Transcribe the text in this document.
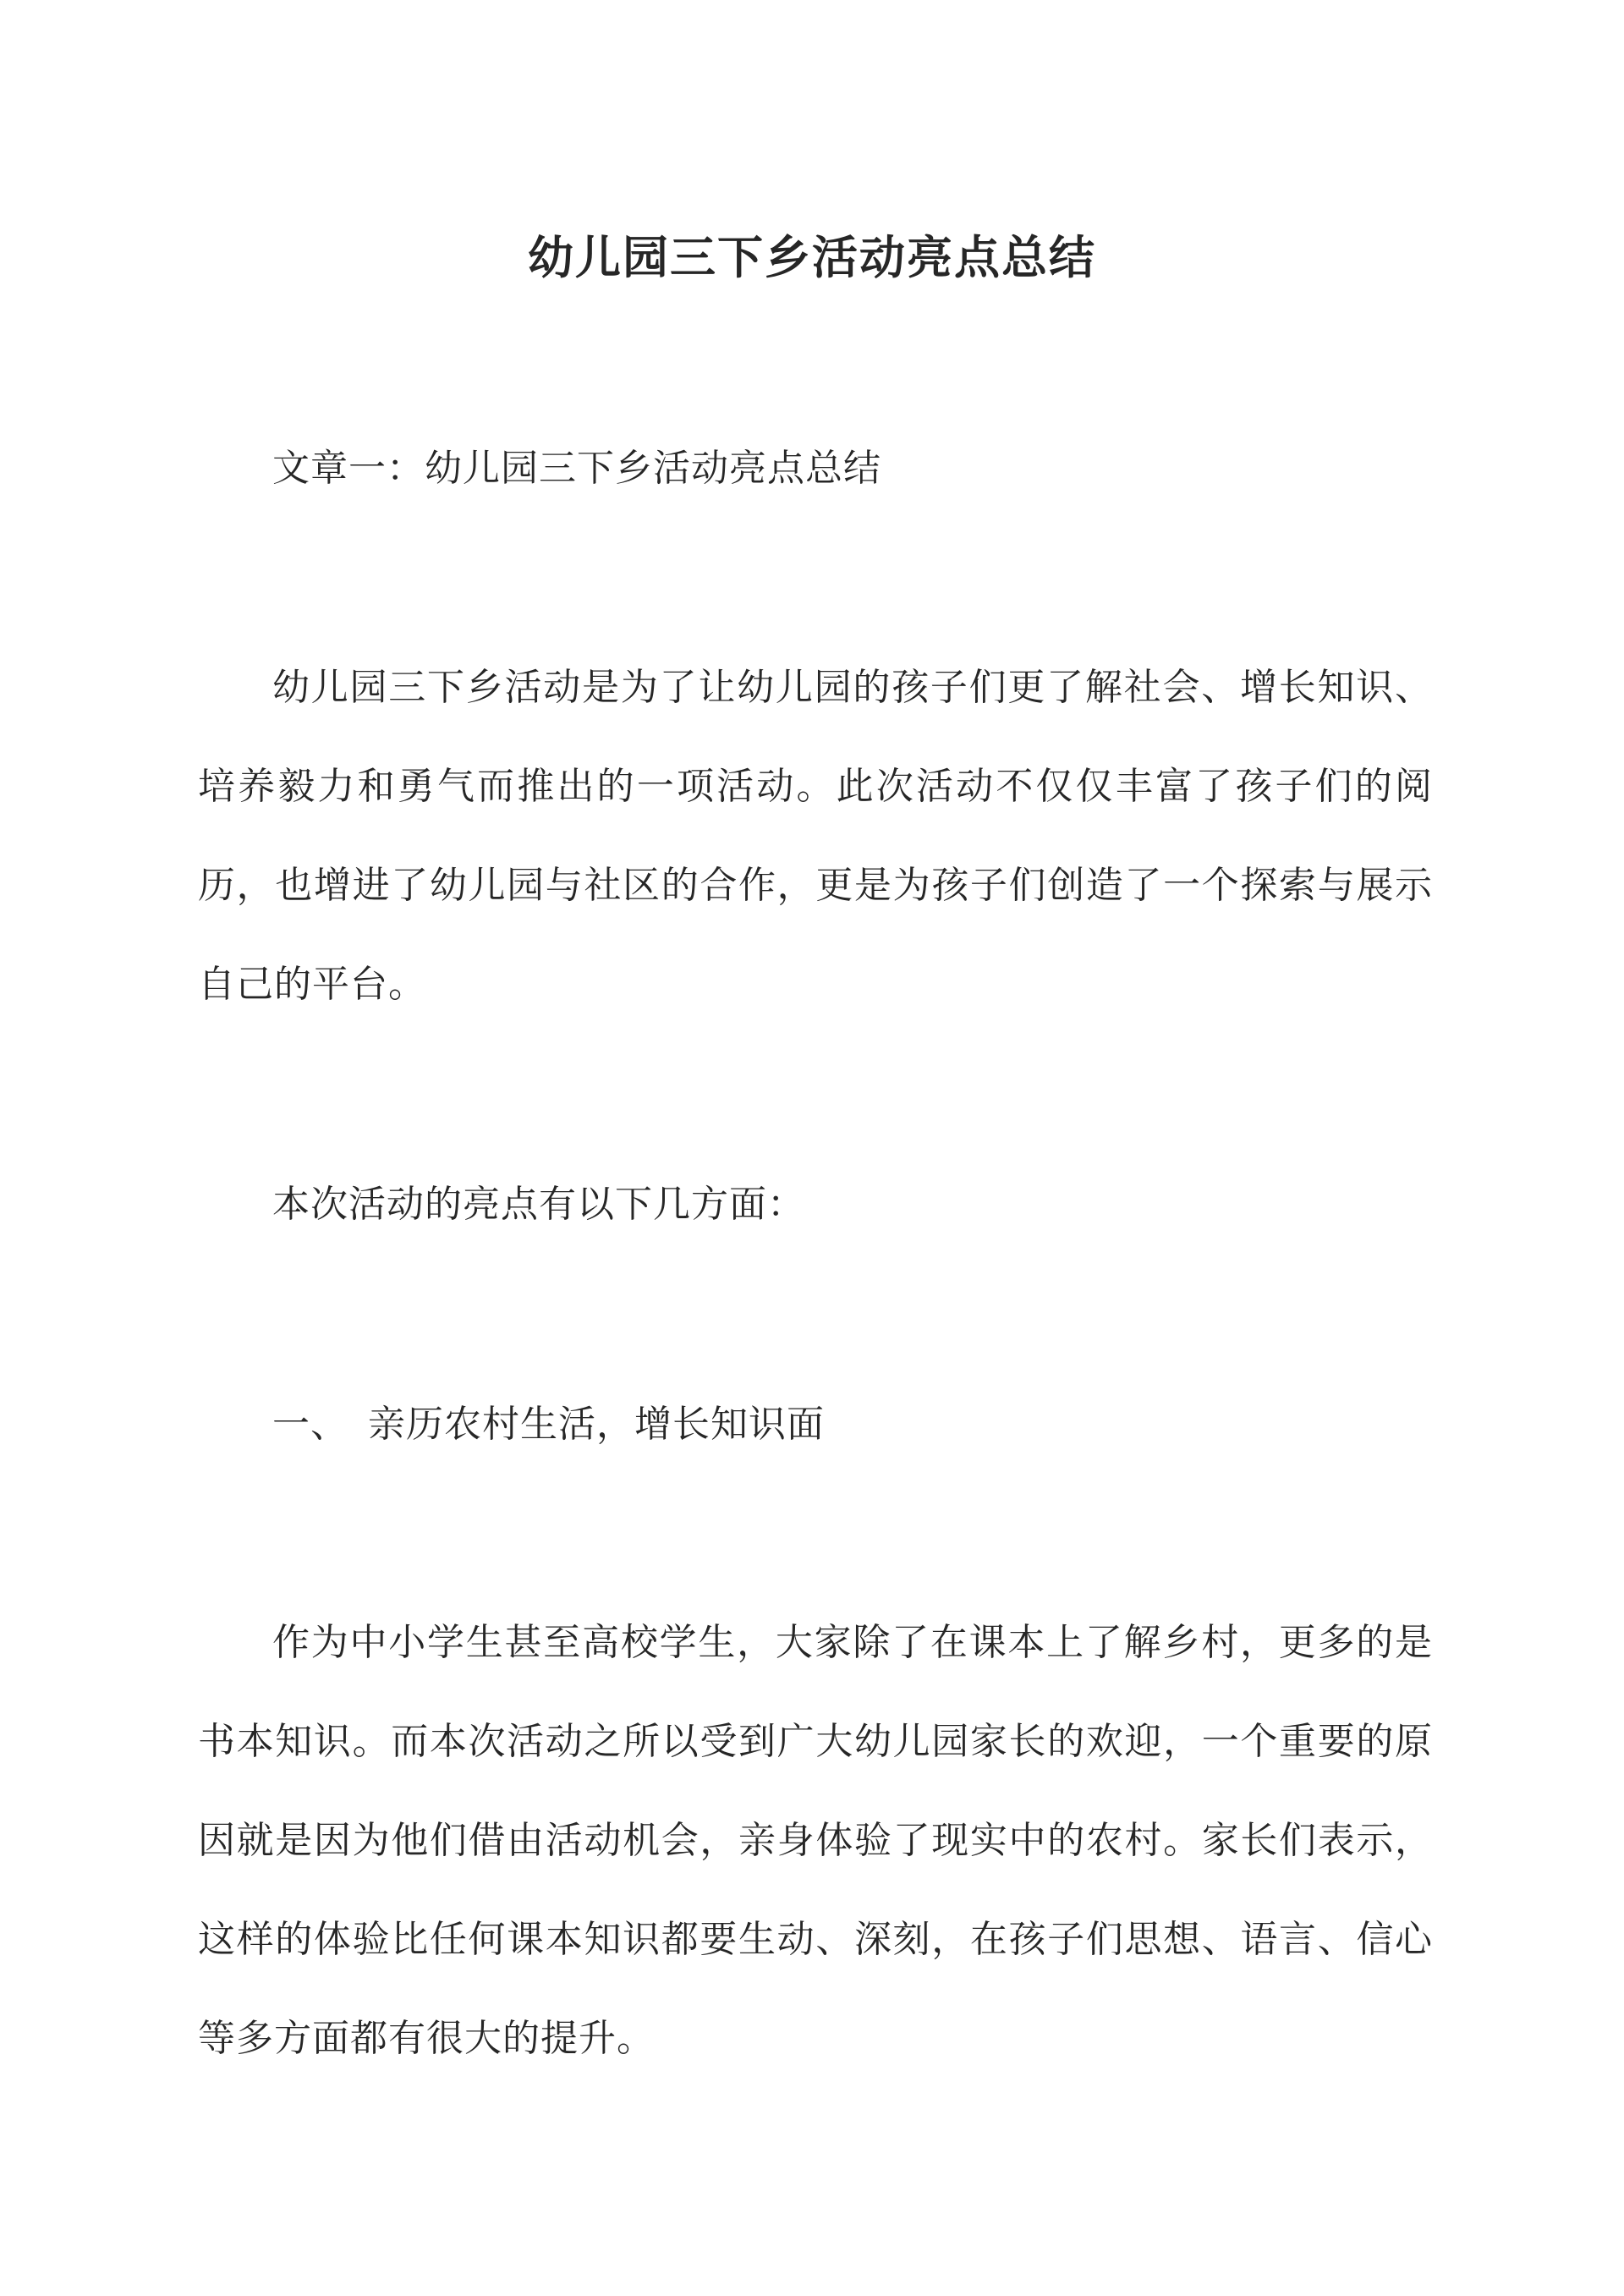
幼儿园三下乡活动亮点总结

文章一：幼儿园三下乡活动亮点总结

幼儿园三下乡活动是为了让幼儿园的孩子们更了解社会、增长知识、培养毅力和勇气而推出的一项活动。此次活动不仅仅丰富了孩子们的阅历，也增进了幼儿园与社区的合作，更是为孩子们创造了一个探索与展示自己的平台。

本次活动的亮点有以下几方面：

一、　亲历农村生活，增长知识面

作为中小学生甚至高校学生，大家除了在课本上了解乡村，更多的是书本知识。而本次活动之所以受到广大幼儿园家长的欢迎，一个重要的原因就是因为他们借由活动机会，亲身体验了现实中的农村。家长们表示，这样的体验比任何课本知识都要生动、深刻，在孩子们思想、语言、信心等多方面都有很大的提升。
